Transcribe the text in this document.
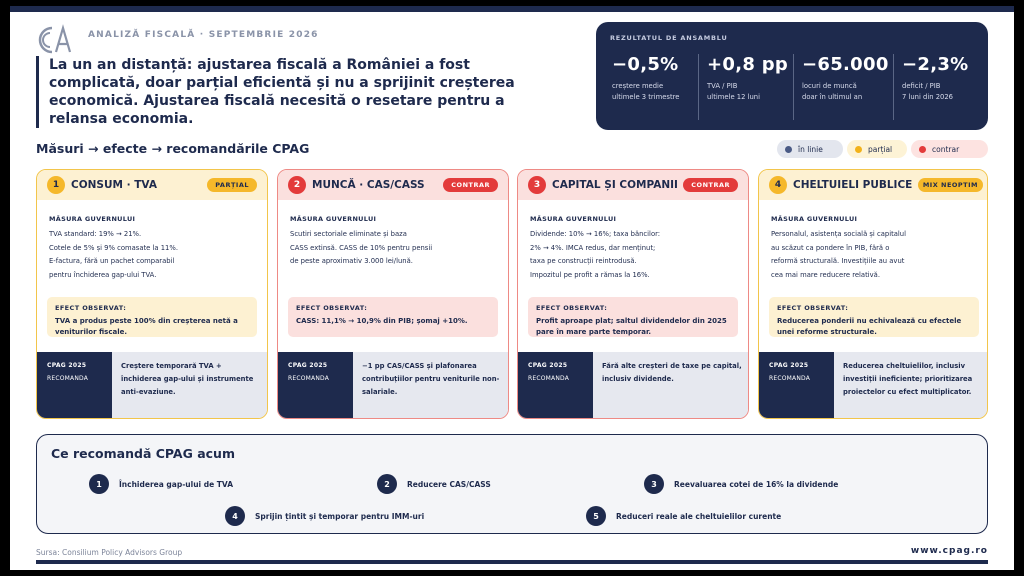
ANALIZĂ FISCALĂ · SEPTEMBRIE 2026
La un an distanță: ajustarea fiscală a României a fost complicată, doar parțial eficientă și nu a sprijinit creșterea economică. Ajustarea fiscală necesită o resetare pentru a relansa economia.
REZULTATUL DE ANSAMBLU
−0,5%
creștere medie
ultimele 3 trimestre
+0,8 pp
TVA / PIB
ultimele 12 luni
−65.000
locuri de muncă
doar în ultimul an
−2,3%
deficit / PIB
7 luni din 2026
Măsuri → efecte → recomandările CPAG	în linie	parțial	contrar
1	CONSUM · TVA	PARȚIAL
MĂSURA GUVERNULUI
TVA standard: 19% → 21%.
Cotele de 5% și 9% comasate la 11%.
E-factura, fără un pachet comparabil
pentru închiderea gap-ului TVA.
EFECT OBSERVAT:
TVA a produs peste 100% din creșterea netă a veniturilor fiscale.
CPAG 2025
RECOMANDA
Creștere temporară TVA + închiderea gap-ului și instrumente anti-evaziune.
2	MUNCĂ · CAS/CASS	CONTRAR
MĂSURA GUVERNULUI
Scutiri sectoriale eliminate și baza
CASS extinsă. CASS de 10% pentru pensii
de peste aproximativ 3.000 lei/lună.
EFECT OBSERVAT:
CASS: 11,1% → 10,9% din PIB; șomaj +10%.
CPAG 2025
RECOMANDA
−1 pp CAS/CASS și plafonarea contribuțiilor pentru veniturile non-salariale.
3	CAPITAL ȘI COMPANII	CONTRAR
MĂSURA GUVERNULUI
Dividende: 10% → 16%; taxa băncilor:
2% → 4%. IMCA redus, dar menținut;
taxa pe construcții reintrodusă.
Impozitul pe profit a rămas la 16%.
EFECT OBSERVAT:
Profit aproape plat; saltul dividendelor din 2025 pare în mare parte temporar.
CPAG 2025
RECOMANDA
Fără alte creșteri de taxe pe capital, inclusiv dividende.
4	CHELTUIELI PUBLICE	MIX NEOPTIM
MĂSURA GUVERNULUI
Personalul, asistența socială și capitalul
au scăzut ca pondere în PIB, fără o
reformă structurală. Investițiile au avut
cea mai mare reducere relativă.
EFECT OBSERVAT:
Reducerea ponderii nu echivalează cu efectele unei reforme structurale.
CPAG 2025
RECOMANDA
Reducerea cheltuielilor, inclusiv investiții ineficiente; prioritizarea proiectelor cu efect multiplicator.
Ce recomandă CPAG acum
1	Închiderea gap-ului de TVA	2	Reducere CAS/CASS	3	Reevaluarea cotei de 16% la dividende
4	Sprijin țintit și temporar pentru IMM-uri	5	Reduceri reale ale cheltuielilor curente
Sursa: Consilium Policy Advisors Group	www.cpag.ro
